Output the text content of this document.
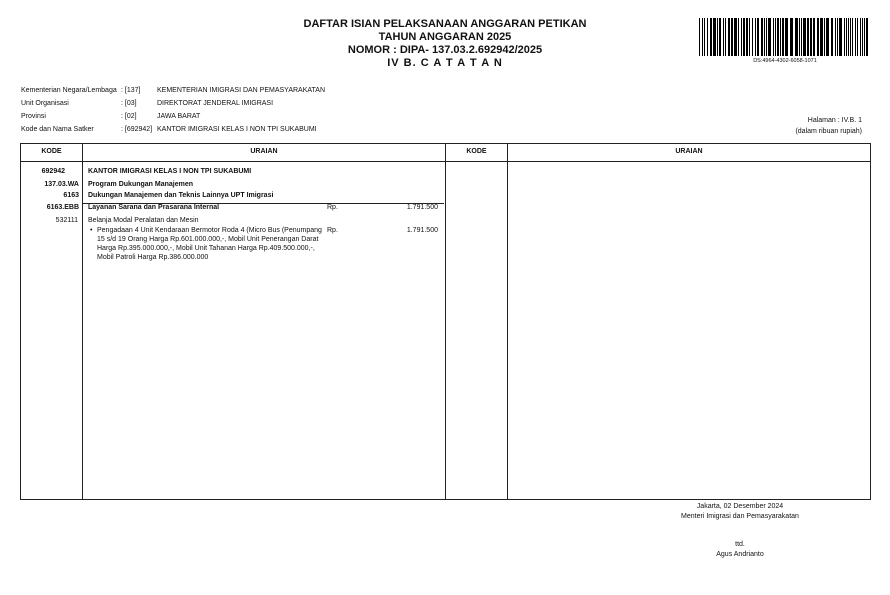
DAFTAR ISIAN PELAKSANAAN ANGGARAN PETIKAN
TAHUN ANGGARAN 2025
NOMOR : DIPA- 137.03.2.692942/2025
IV B. C A T A T A N	DS:4964-4302-6058-1071
Kementerian Negara/Lembaga : [137] KEMENTERIAN IMIGRASI DAN PEMASYARAKATAN
Unit Organisasi	: [03]	DIREKTORAT JENDERAL IMIGRASI
Provinsi	: [02]	JAWA BARAT
Kode dan Nama Satker	: [692942] KANTOR IMIGRASI KELAS I NON TPI SUKABUMI
Halaman : IV.B. 1
(dalam ribuan rupiah)
KODE	URAIAN	KODE	URAIAN
692942	KANTOR IMIGRASI KELAS I NON TPI SUKABUMI
137.03.WA Program Dukungan Manajemen
6163 Dukungan Manajemen dan Teknis Lainnya UPT Imigrasi
6163.EBB Layanan Sarana dan Prasarana Internal	Rp.	1.791.500
532111 Belanja Modal Peralatan dan Mesin
• Pengadaan 4 Unit Kendaraan Bermotor Roda 4 (Micro Bus (Penumpang
15 s/d 19 Orang Harga Rp.601.000.000,-, Mobil Unit Penerangan Darat
Harga Rp.395.000.000,-, Mobil Unit Tahanan Harga Rp.409.500.000,-,
Mobil Patroli Harga Rp.386.000.000
Rp.	1.791.500
Jakarta, 02 Desember 2024
Menteri Imigrasi dan Pemasyarakatan
ttd.
Agus Andrianto
